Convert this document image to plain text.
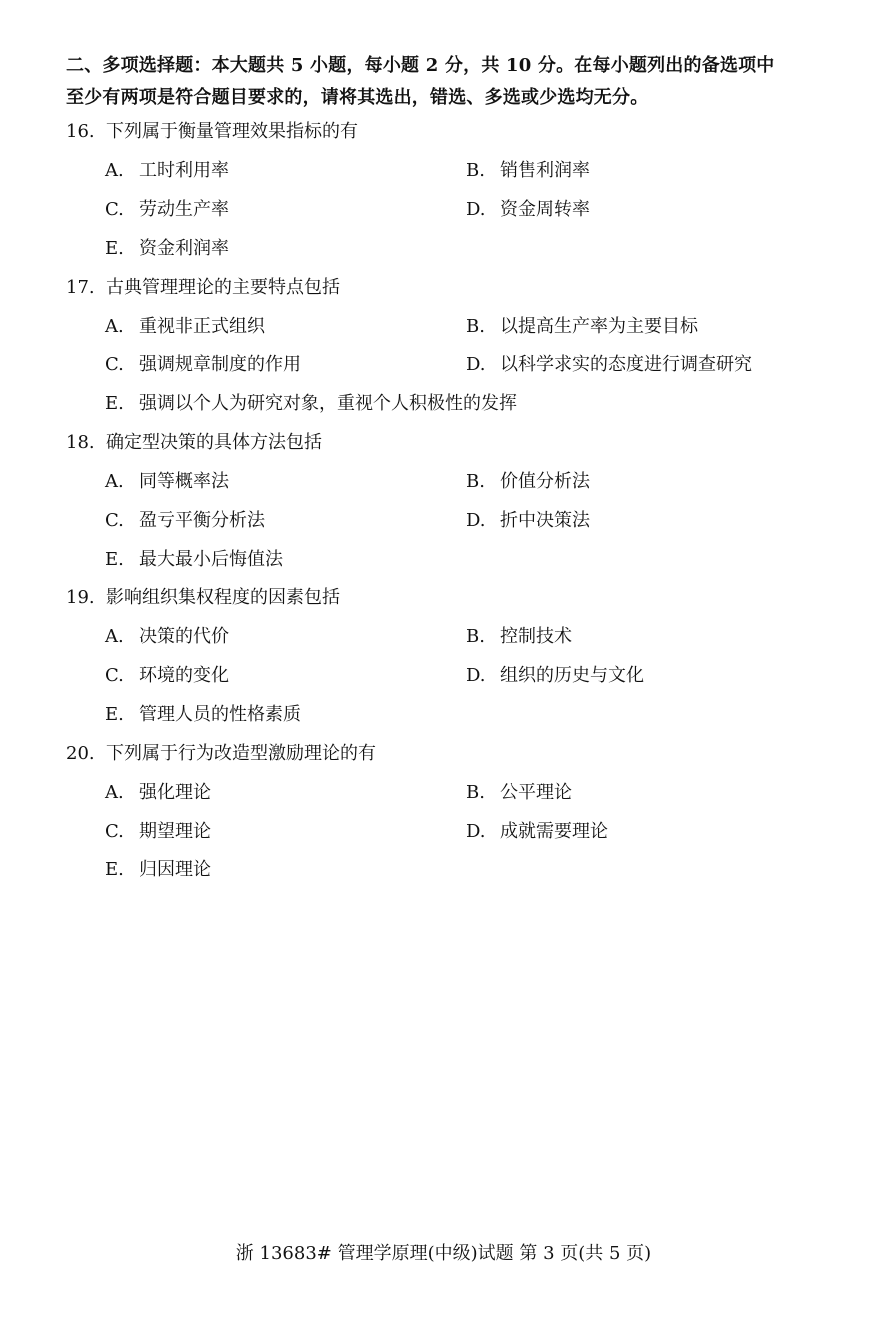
二、多项选择题：本大题共 5 小题，每小题 2 分，共 10 分。在每小题列出的备选项中
至少有两项是符合题目要求的，请将其选出，错选、多选或少选均无分。
16. 下列属于衡量管理效果指标的有
A. 工时利用率	B. 销售利润率
C. 劳动生产率	D. 资金周转率
E. 资金利润率
17. 古典管理理论的主要特点包括
A. 重视非正式组织	B. 以提高生产率为主要目标
C. 强调规章制度的作用	D. 以科学求实的态度进行调查研究
E. 强调以个人为研究对象，重视个人积极性的发挥
18. 确定型决策的具体方法包括
A. 同等概率法	B. 价值分析法
C. 盈亏平衡分析法	D. 折中决策法
E. 最大最小后悔值法
19. 影响组织集权程度的因素包括
A. 决策的代价	B. 控制技术
C. 环境的变化	D. 组织的历史与文化
E. 管理人员的性格素质
20. 下列属于行为改造型激励理论的有
A. 强化理论	B. 公平理论
C. 期望理论	D. 成就需要理论
E. 归因理论
浙 13683# 管理学原理(中级)试题 第 3 页(共 5 页)
